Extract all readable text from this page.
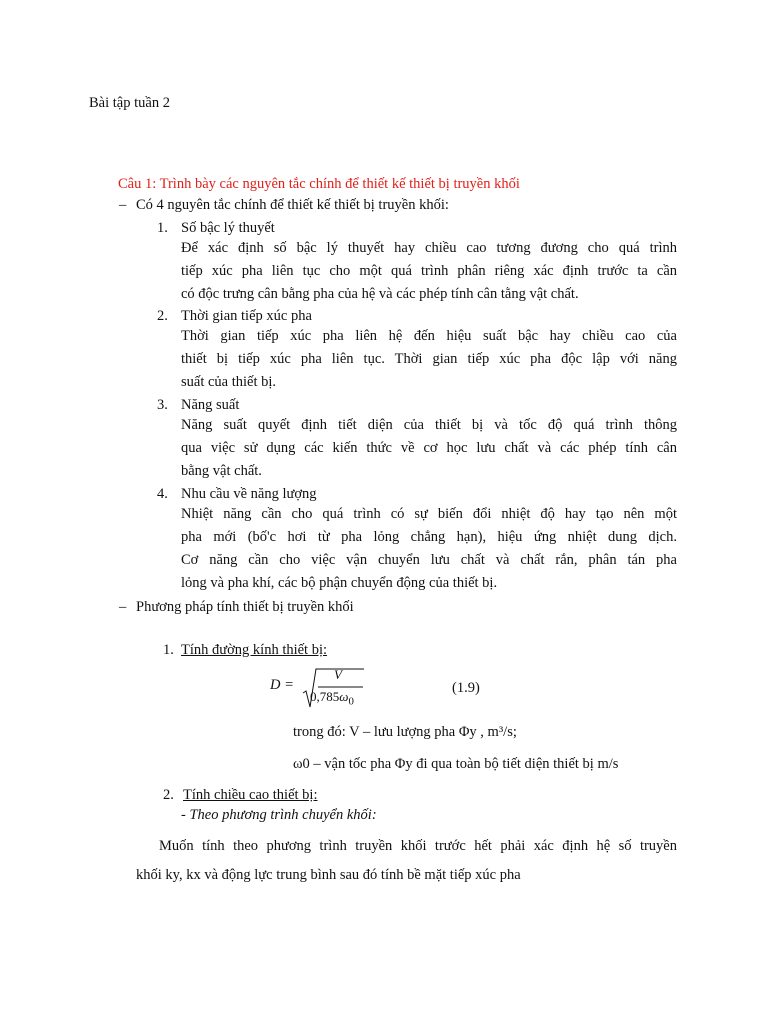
Bài tập tuần 2
Câu 1: Trình bày các nguyên tắc chính để thiết kế thiết bị truyền khối
– Có 4 nguyên tắc chính để thiết kế thiết bị truyền khối:
1. Số bậc lý thuyết
Để xác định số bậc lý thuyết hay chiều cao tương đương cho quá trình
tiếp xúc pha liên tục cho một quá trình phân riêng xác định trước ta cần
có độc trưng cân bằng pha của hệ và các phép tính cân tằng vật chất.
2. Thời gian tiếp xúc pha
Thời gian tiếp xúc pha liên hệ đến hiệu suất bậc hay chiều cao của
thiết bị tiếp xúc pha liên tục. Thời gian tiếp xúc pha độc lập với năng
suất của thiết bị.
3. Năng suất
Năng suất quyết định tiết diện của thiết bị và tốc độ quá trình thông
qua việc sử dụng các kiến thức về cơ học lưu chất và các phép tính cân
bằng vật chất.
4. Nhu cầu về năng lượng
Nhiệt năng cần cho quá trình có sự biến đổi nhiệt độ hay tạo nên một
pha mới (bố'c hơi từ pha lỏng chẳng hạn), hiệu ứng nhiệt dung dịch.
Cơ năng cần cho việc vận chuyển lưu chất và chất rắn, phân tán pha
lỏng và pha khí, các bộ phận chuyển động của thiết bị.
– Phương pháp tính thiết bị truyền khối
1. Tính đường kính thiết bị:
D =
V
$0,785\omega_0$
(1.9)
trong đó: V – lưu lượng pha Φy , m³/s;
ω0 – vận tốc pha Φy đi qua toàn bộ tiết diện thiết bị m/s
2. Tính chiều cao thiết bị:
- Theo phương trình chuyển khối:
Muốn tính theo phương trình truyền khối trước hết phải xác định hệ số truyền
khối ky, kx và động lực trung bình sau đó tính bề mặt tiếp xúc pha
